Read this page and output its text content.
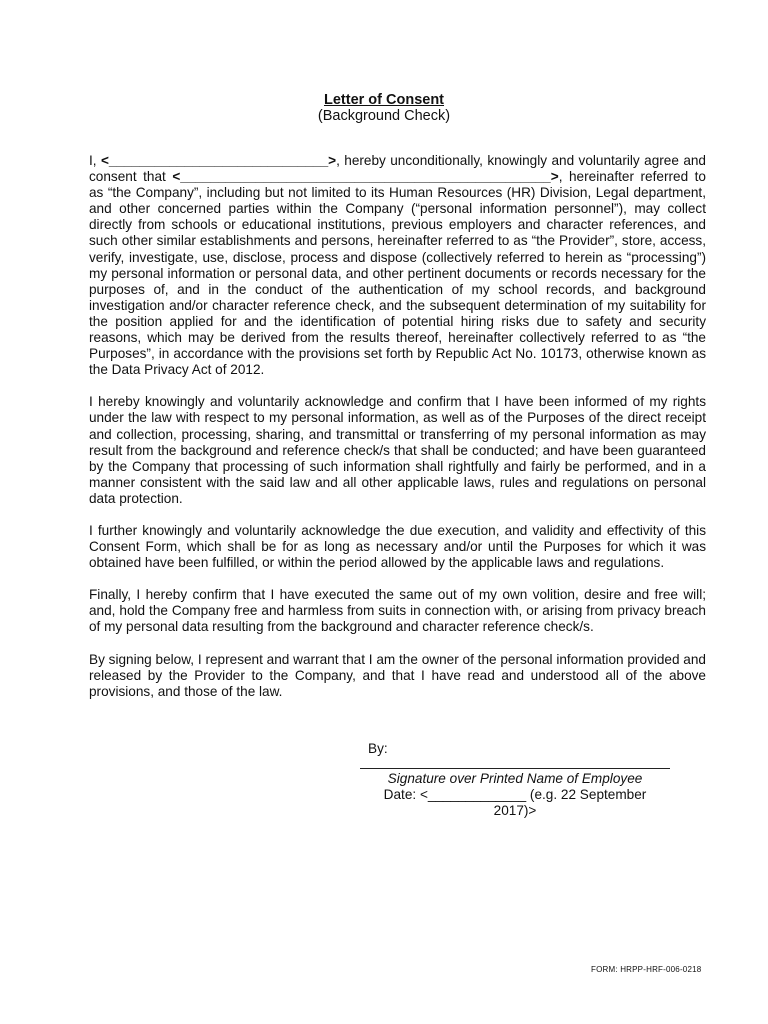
Letter of Consent
(Background Check)

I, <_____________________________>, hereby unconditionally, knowingly and voluntarily agree and consent that <_________________________________________________>, hereinafter referred to as “the Company”, including but not limited to its Human Resources (HR) Division, Legal department, and other concerned parties within the Company (“personal information personnel”), may collect directly from schools or educational institutions, previous employers and character references, and such other similar establishments and persons, hereinafter referred to as “the Provider”, store, access, verify, investigate, use, disclose, process and dispose (collectively referred to herein as “processing”) my personal information or personal data, and other pertinent documents or records necessary for the purposes of, and in the conduct of the authentication of my school records, and background investigation and/or character reference check, and the subsequent determination of my suitability for the position applied for and the identification of potential hiring risks due to safety and security reasons, which may be derived from the results thereof, hereinafter collectively referred to as “the Purposes”, in accordance with the provisions set forth by Republic Act No. 10173, otherwise known as the Data Privacy Act of 2012.

I hereby knowingly and voluntarily acknowledge and confirm that I have been informed of my rights under the law with respect to my personal information, as well as of the Purposes of the direct receipt and collection, processing, sharing, and transmittal or transferring of my personal information as may result from the background and reference check/s that shall be conducted; and have been guaranteed by the Company that processing of such information shall rightfully and fairly be performed, and in a manner consistent with the said law and all other applicable laws, rules and regulations on personal data protection.

I further knowingly and voluntarily acknowledge the due execution, and validity and effectivity of this Consent Form, which shall be for as long as necessary and/or until the Purposes for which it was obtained have been fulfilled, or within the period allowed by the applicable laws and regulations.

Finally, I hereby confirm that I have executed the same out of my own volition, desire and free will; and, hold the Company free and harmless from suits in connection with, or arising from privacy breach of my personal data resulting from the background and character reference check/s.

By signing below, I represent and warrant that I am the owner of the personal information provided and released by the Provider to the Company, and that I have read and understood all of the above provisions, and those of the law.

By:
Signature over Printed Name of Employee
Date: <_____________ (e.g. 22 September
2017)>
FORM: HRPP-HRF-006-0218
